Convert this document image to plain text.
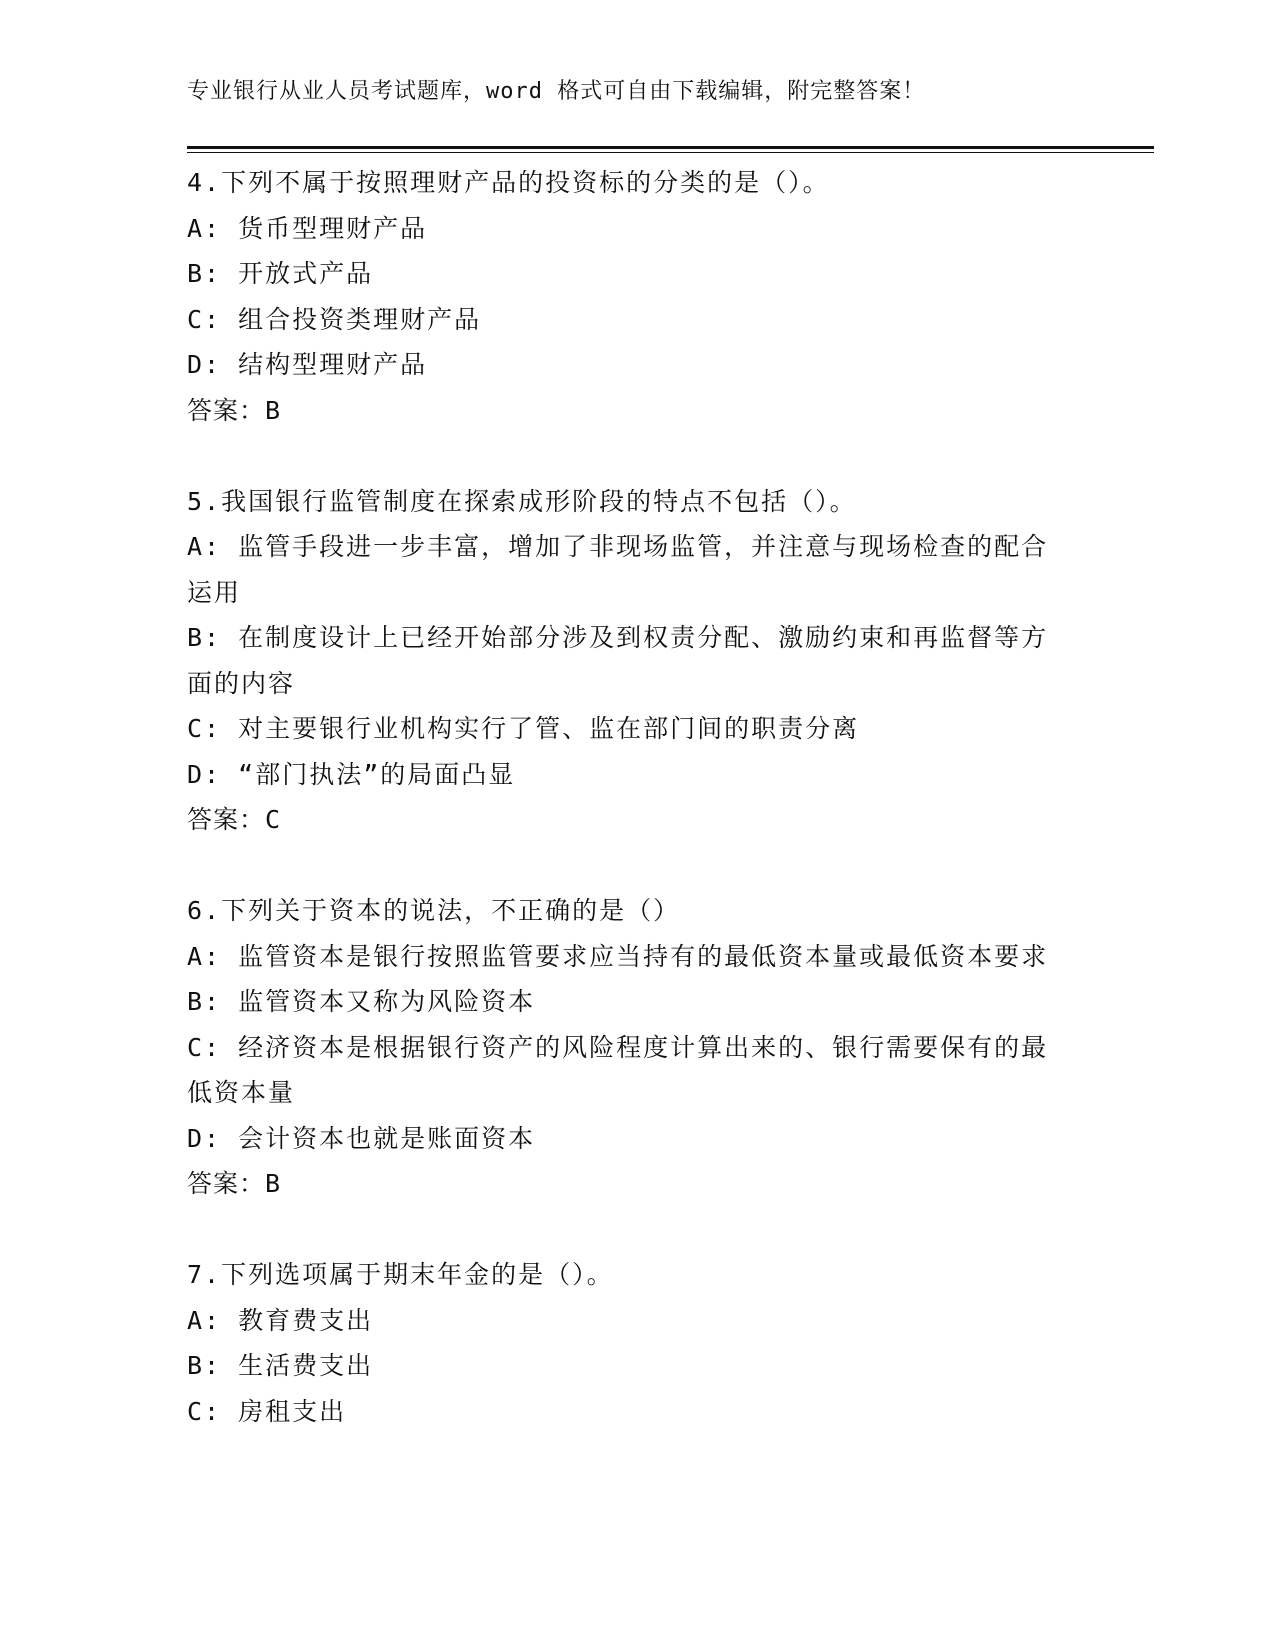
专业银行从业人员考试题库，word 格式可自由下载编辑，附完整答案！

4.下列不属于按照理财产品的投资标的分类的是（）。

A: 货币型理财产品

B: 开放式产品

C: 组合投资类理财产品

D: 结构型理财产品

答案：B

5.我国银行监管制度在探索成形阶段的特点不包括（）。

A: 监管手段进一步丰富，增加了非现场监管，并注意与现场检查的配合运用

B: 在制度设计上已经开始部分涉及到权责分配、激励约束和再监督等方面的内容

C: 对主要银行业机构实行了管、监在部门间的职责分离

D: “部门执法”的局面凸显

答案：C

6.下列关于资本的说法，不正确的是（）

A: 监管资本是银行按照监管要求应当持有的最低资本量或最低资本要求

B: 监管资本又称为风险资本

C: 经济资本是根据银行资产的风险程度计算出来的、银行需要保有的最低资本量

D: 会计资本也就是账面资本

答案：B

7.下列选项属于期末年金的是（）。

A: 教育费支出

B: 生活费支出

C: 房租支出
